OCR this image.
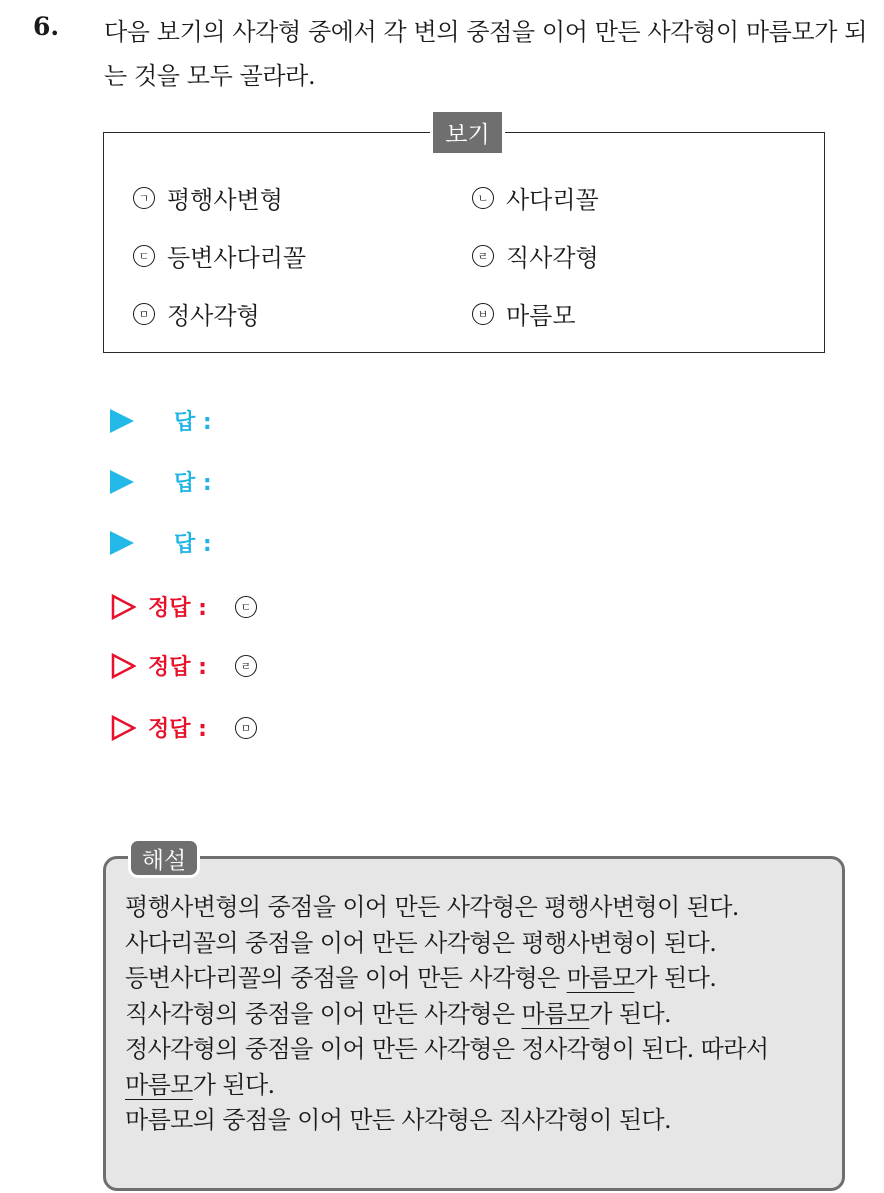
6. 다음 보기의 사각형 중에서 각 변의 중점을 이어 만든 사각형이 마름모가 되는 것을 모두 골라라.
보기
ㄱ 평행사변형	ㄴ 사다리꼴
ㄷ 등변사다리꼴	ㄹ 직사각형
ㅁ 정사각형	ㅂ 마름모
답 :
답 :
답 :
정답 :	ㄷ
정답 :	ㄹ
정답 :	ㅁ
해설
평행사변형의 중점을 이어 만든 사각형은 평행사변형이 된다.
사다리꼴의 중점을 이어 만든 사각형은 평행사변형이 된다.
등변사다리꼴의 중점을 이어 만든 사각형은 마름모가 된다.
직사각형의 중점을 이어 만든 사각형은 마름모가 된다.
정사각형의 중점을 이어 만든 사각형은 정사각형이 된다. 따라서
마름모가 된다.
마름모의 중점을 이어 만든 사각형은 직사각형이 된다.
